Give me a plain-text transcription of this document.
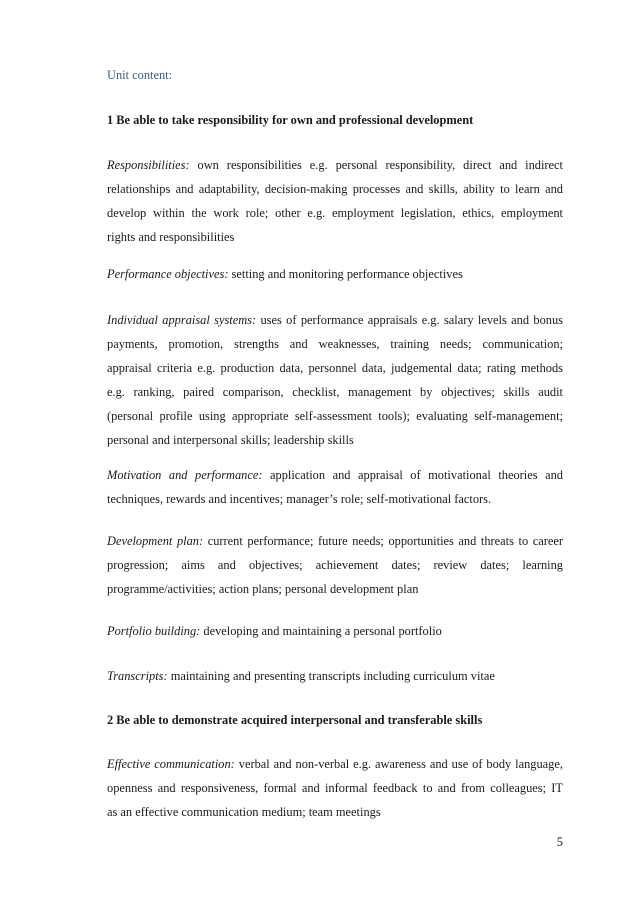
Unit content:

1 Be able to take responsibility for own and professional development

Responsibilities: own responsibilities e.g. personal responsibility, direct and indirect
relationships and adaptability, decision-making processes and skills, ability to learn and
develop within the work role; other e.g. employment legislation, ethics, employment
rights and responsibilities
Performance objectives: setting and monitoring performance objectives
Individual appraisal systems: uses of performance appraisals e.g. salary levels and bonus
payments, promotion, strengths and weaknesses, training needs; communication;
appraisal criteria e.g. production data, personnel data, judgemental data; rating methods
e.g. ranking, paired comparison, checklist, management by objectives; skills audit
(personal profile using appropriate self-assessment tools); evaluating self-management;
personal and interpersonal skills; leadership skills
Motivation and performance: application and appraisal of motivational theories and
techniques, rewards and incentives; manager’s role; self-motivational factors.
Development plan: current performance; future needs; opportunities and threats to career
progression; aims and objectives; achievement dates; review dates; learning
programme/activities; action plans; personal development plan
Portfolio building: developing and maintaining a personal portfolio
Transcripts: maintaining and presenting transcripts including curriculum vitae

2 Be able to demonstrate acquired interpersonal and transferable skills

Effective communication: verbal and non-verbal e.g. awareness and use of body language,
openness and responsiveness, formal and informal feedback to and from colleagues; IT
as an effective communication medium; team meetings
5
